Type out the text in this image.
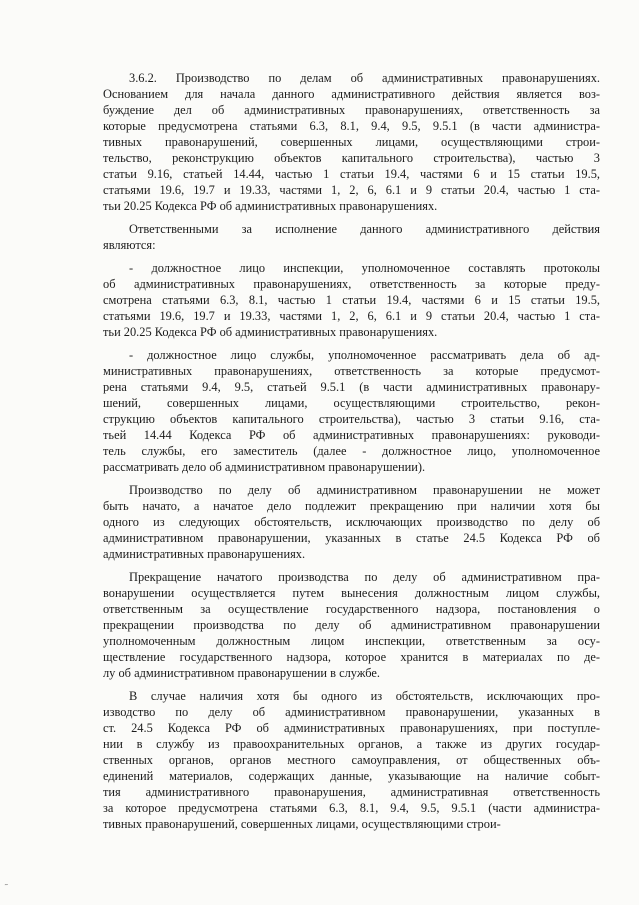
3.6.2. Производство по делам об административных правонарушениях.
Основанием для начала данного административного действия является воз-
буждение дел об административных правонарушениях, ответственность за
которые предусмотрена статьями 6.3, 8.1, 9.4, 9.5, 9.5.1 (в части администра-
тивных правонарушений, совершенных лицами, осуществляющими строи-
тельство, реконструкцию объектов капитального строительства), частью 3
статьи 9.16, статьей 14.44, частью 1 статьи 19.4, частями 6 и 15 статьи 19.5,
статьями 19.6, 19.7 и 19.33, частями 1, 2, 6, 6.1 и 9 статьи 20.4, частью 1 ста-
тьи 20.25 Кодекса РФ об административных правонарушениях.
Ответственными за исполнение данного административного действия
являются:
- должностное лицо инспекции, уполномоченное составлять протоколы
об административных правонарушениях, ответственность за которые преду-
смотрена статьями 6.3, 8.1, частью 1 статьи 19.4, частями 6 и 15 статьи 19.5,
статьями 19.6, 19.7 и 19.33, частями 1, 2, 6, 6.1 и 9 статьи 20.4, частью 1 ста-
тьи 20.25 Кодекса РФ об административных правонарушениях.
- должностное лицо службы, уполномоченное рассматривать дела об ад-
министративных правонарушениях, ответственность за которые предусмот-
рена статьями 9.4, 9.5, статьей 9.5.1 (в части административных правонару-
шений, совершенных лицами, осуществляющими строительство, рекон-
струкцию объектов капитального строительства), частью 3 статьи 9.16, ста-
тьей 14.44 Кодекса РФ об административных правонарушениях: руководи-
тель службы, его заместитель (далее - должностное лицо, уполномоченное
рассматривать дело об административном правонарушении).
Производство по делу об административном правонарушении не может
быть начато, а начатое дело подлежит прекращению при наличии хотя бы
одного из следующих обстоятельств, исключающих производство по делу об
административном правонарушении, указанных в статье 24.5 Кодекса РФ об
административных правонарушениях.
Прекращение начатого производства по делу об административном пра-
вонарушении осуществляется путем вынесения должностным лицом службы,
ответственным за осуществление государственного надзора, постановления о
прекращении производства по делу об административном правонарушении
уполномоченным должностным лицом инспекции, ответственным за осу-
ществление государственного надзора, которое хранится в материалах по де-
лу об административном правонарушении в службе.
В случае наличия хотя бы одного из обстоятельств, исключающих про-
изводство по делу об административном правонарушении, указанных в
ст. 24.5 Кодекса РФ об административных правонарушениях, при поступле-
нии в службу из правоохранительных органов, а также из других государ-
ственных органов, органов местного самоуправления, от общественных объ-
единений материалов, содержащих данные, указывающие на наличие событ-
тия административного правонарушения, административная ответственность
за которое предусмотрена статьями 6.3, 8.1, 9.4, 9.5, 9.5.1 (части администра-
тивных правонарушений, совершенных лицами, осуществляющими строи-
˜
